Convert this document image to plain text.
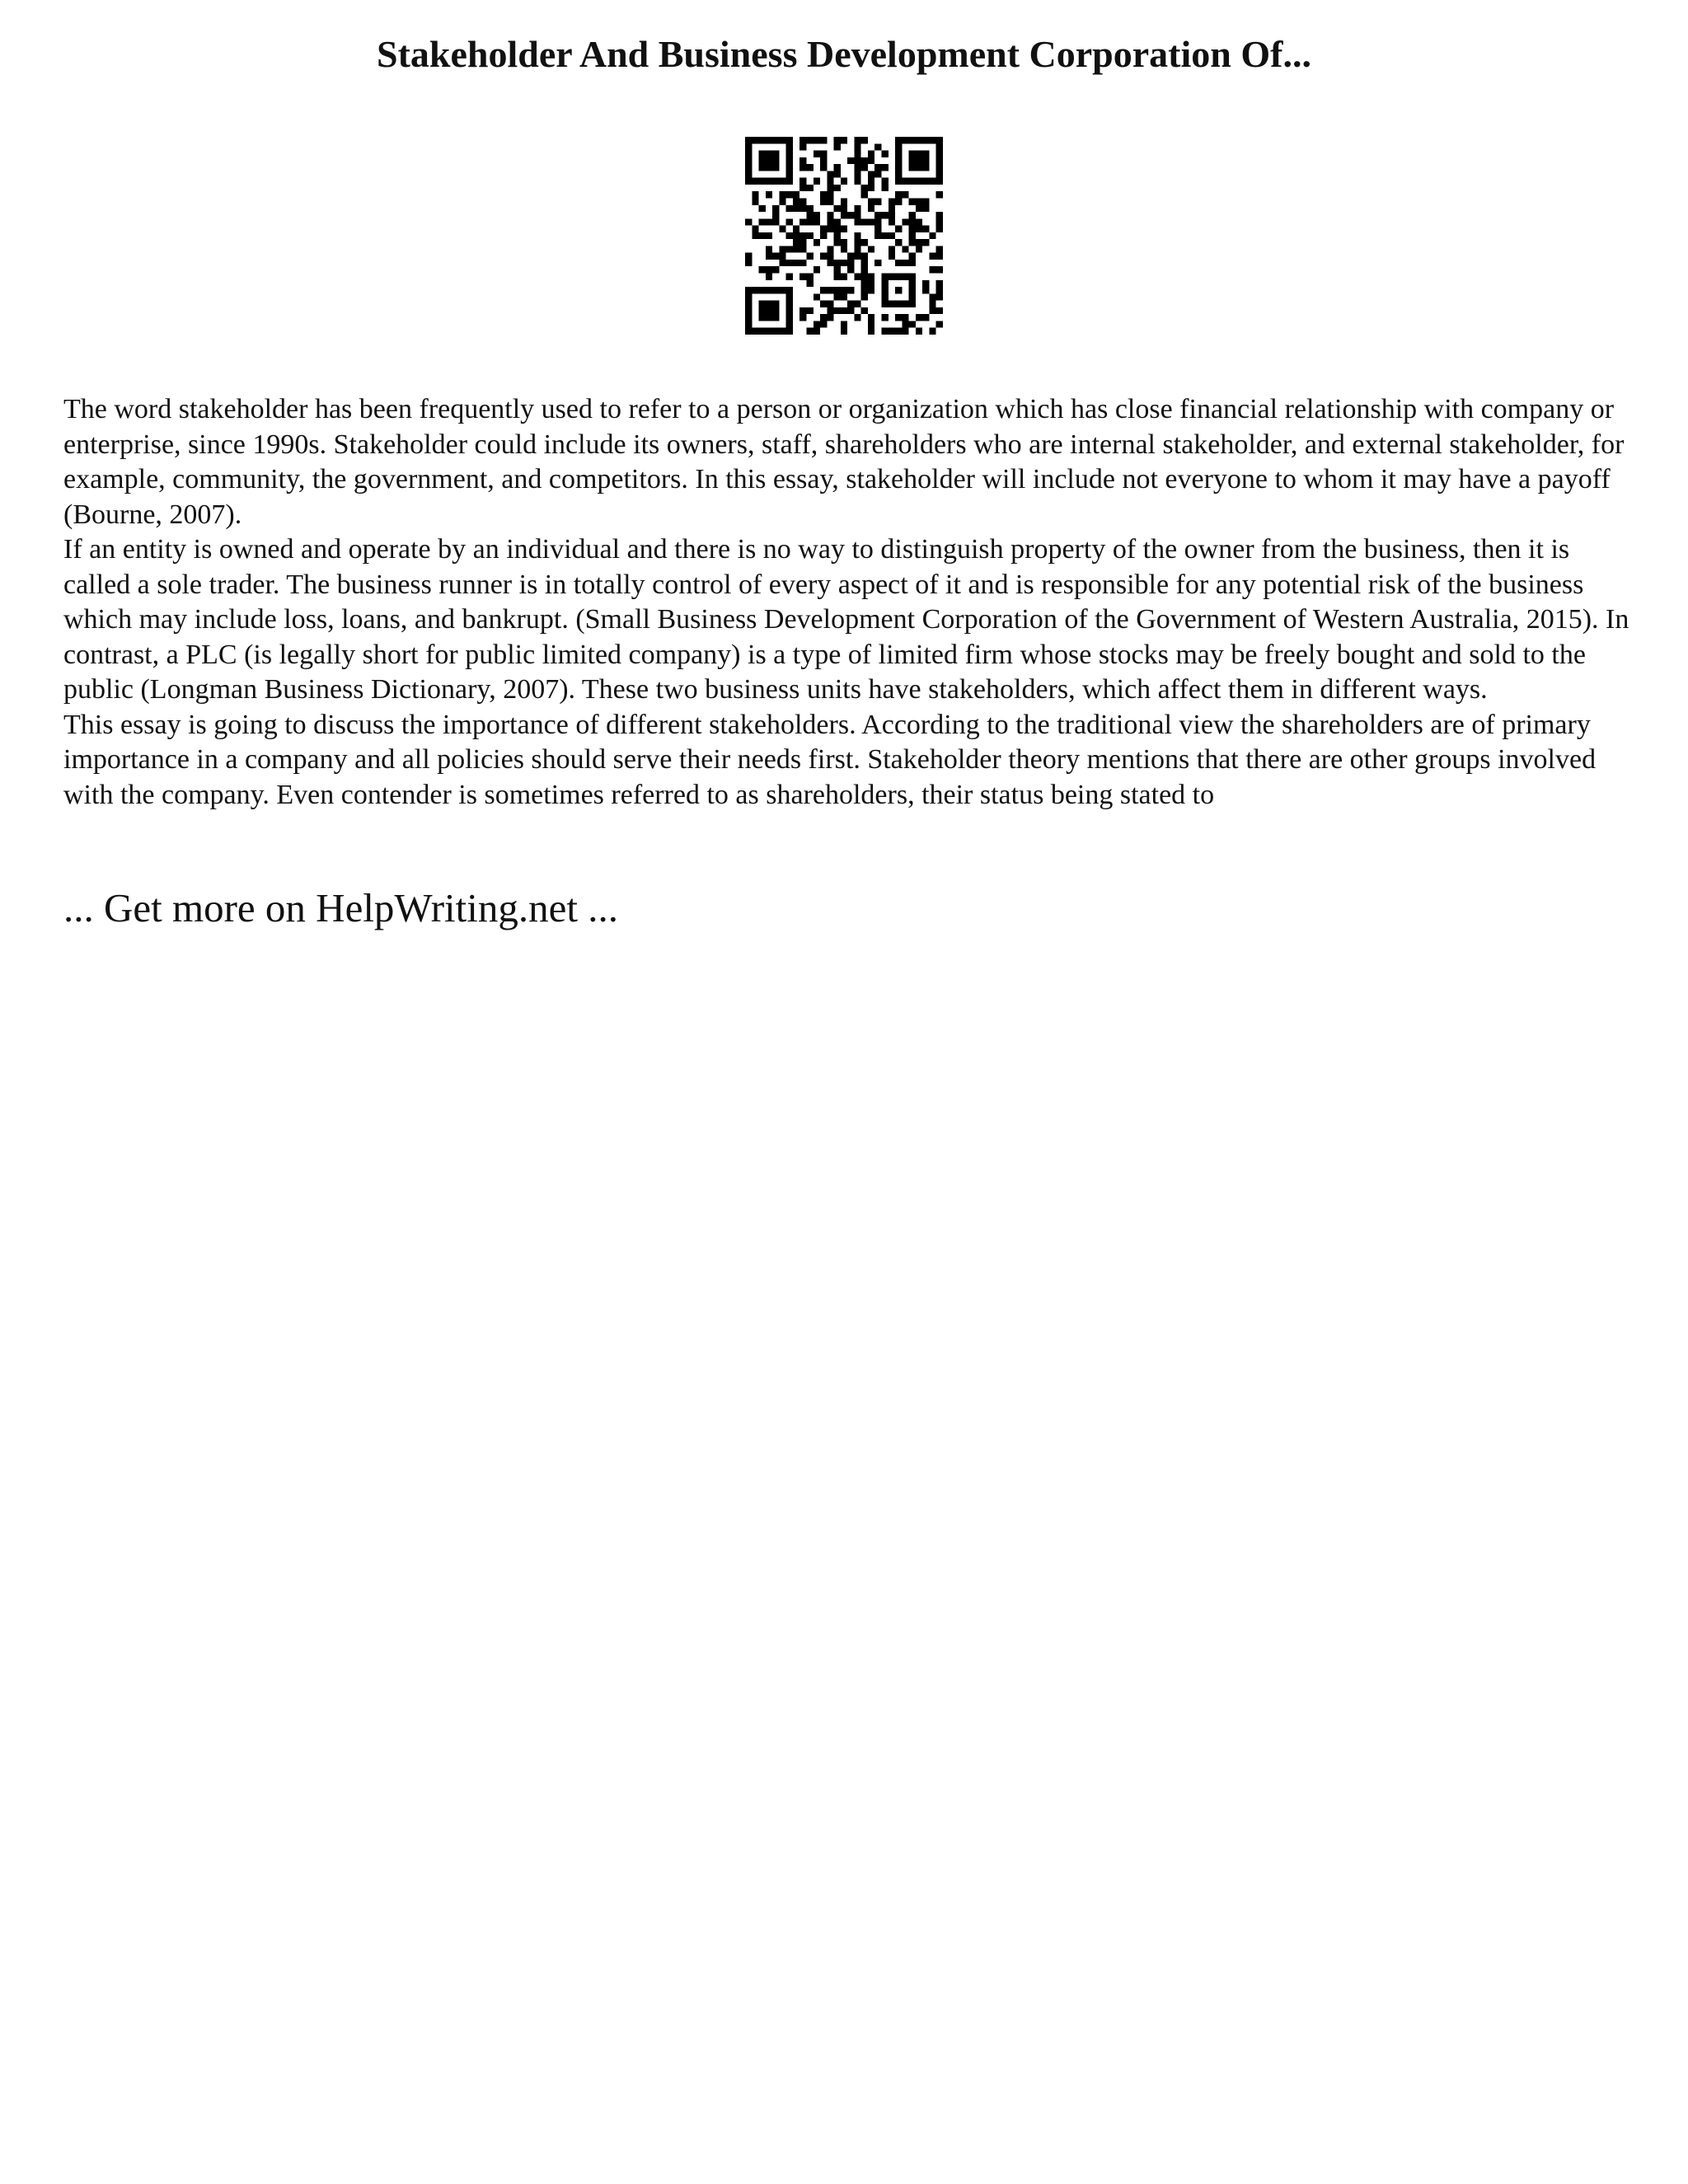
Stakeholder And Business Development Corporation Of...

The word stakeholder has been frequently used to refer to a person or organization which has close financial relationship with company or enterprise, since 1990s. Stakeholder could include its owners, staff, shareholders who are internal stakeholder, and external stakeholder, for example, community, the government, and competitors. In this essay, stakeholder will include not everyone to whom it may have a payoff (Bourne, 2007).

If an entity is owned and operate by an individual and there is no way to distinguish property of the owner from the business, then it is called a sole trader. The business runner is in totally control of every aspect of it and is responsible for any potential risk of the business which may include loss, loans, and bankrupt. (Small Business Development Corporation of the Government of Western Australia, 2015). In contrast, a PLC (is legally short for public limited company) is a type of limited firm whose stocks may be freely bought and sold to the public (Longman Business Dictionary, 2007). These two business units have stakeholders, which affect them in different ways.

This essay is going to discuss the importance of different stakeholders. According to the traditional view the shareholders are of primary importance in a company and all policies should serve their needs first. Stakeholder theory mentions that there are other groups involved with the company. Even contender is sometimes referred to as shareholders, their status being stated to

... Get more on HelpWriting.net ...
